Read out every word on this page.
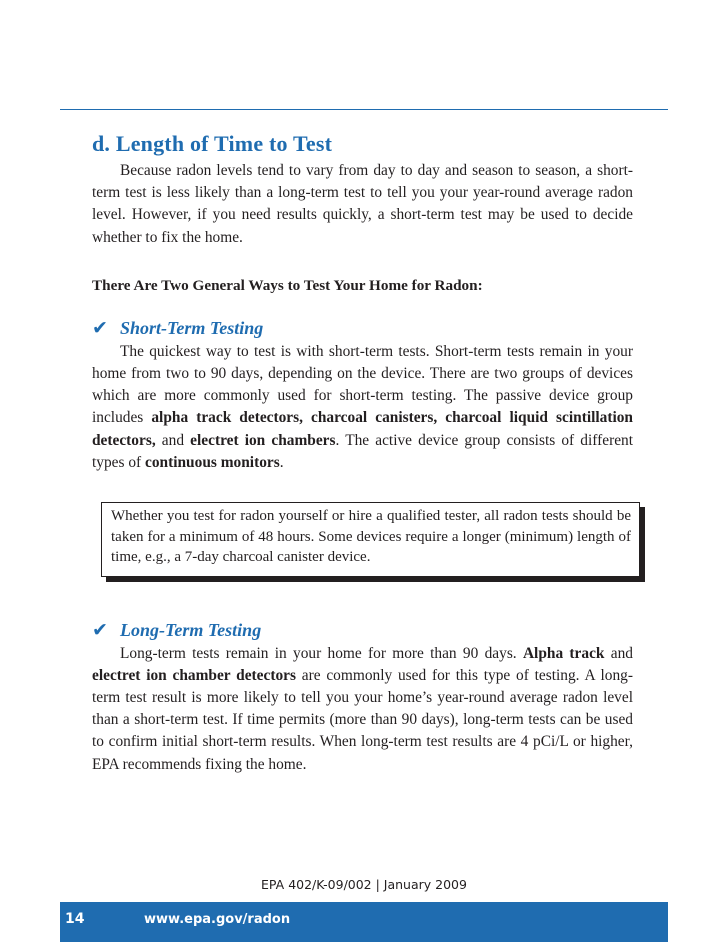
d. Length of Time to Test

Because radon levels tend to vary from day to day and season to season, a short-term test is less likely than a long-term test to tell you your year-round average radon level. However, if you need results quickly, a short-term test may be used to decide whether to fix the home.

There Are Two General Ways to Test Your Home for Radon:
✔ Short-Term Testing

The quickest way to test is with short-term tests. Short-term tests remain in your home from two to 90 days, depending on the device. There are two groups of devices which are more commonly used for short-term testing. The passive device group includes alpha track detectors, charcoal canisters, charcoal liquid scintillation detectors, and electret ion chambers. The active device group consists of different types of continuous monitors.

Whether you test for radon yourself or hire a qualified tester, all radon tests should be taken for a minimum of 48 hours. Some devices require a longer (minimum) length of time, e.g., a 7-day charcoal canister device.
✔ Long-Term Testing

Long-term tests remain in your home for more than 90 days. Alpha track and electret ion chamber detectors are commonly used for this type of testing. A long-term test result is more likely to tell you your home’s year-round average radon level than a short-term test. If time permits (more than 90 days), long-term tests can be used to confirm initial short-term results. When long-term test results are 4 pCi/L or higher, EPA recommends fixing the home.

EPA 402/K-09/002 | January 2009
14	www.epa.gov/radon
